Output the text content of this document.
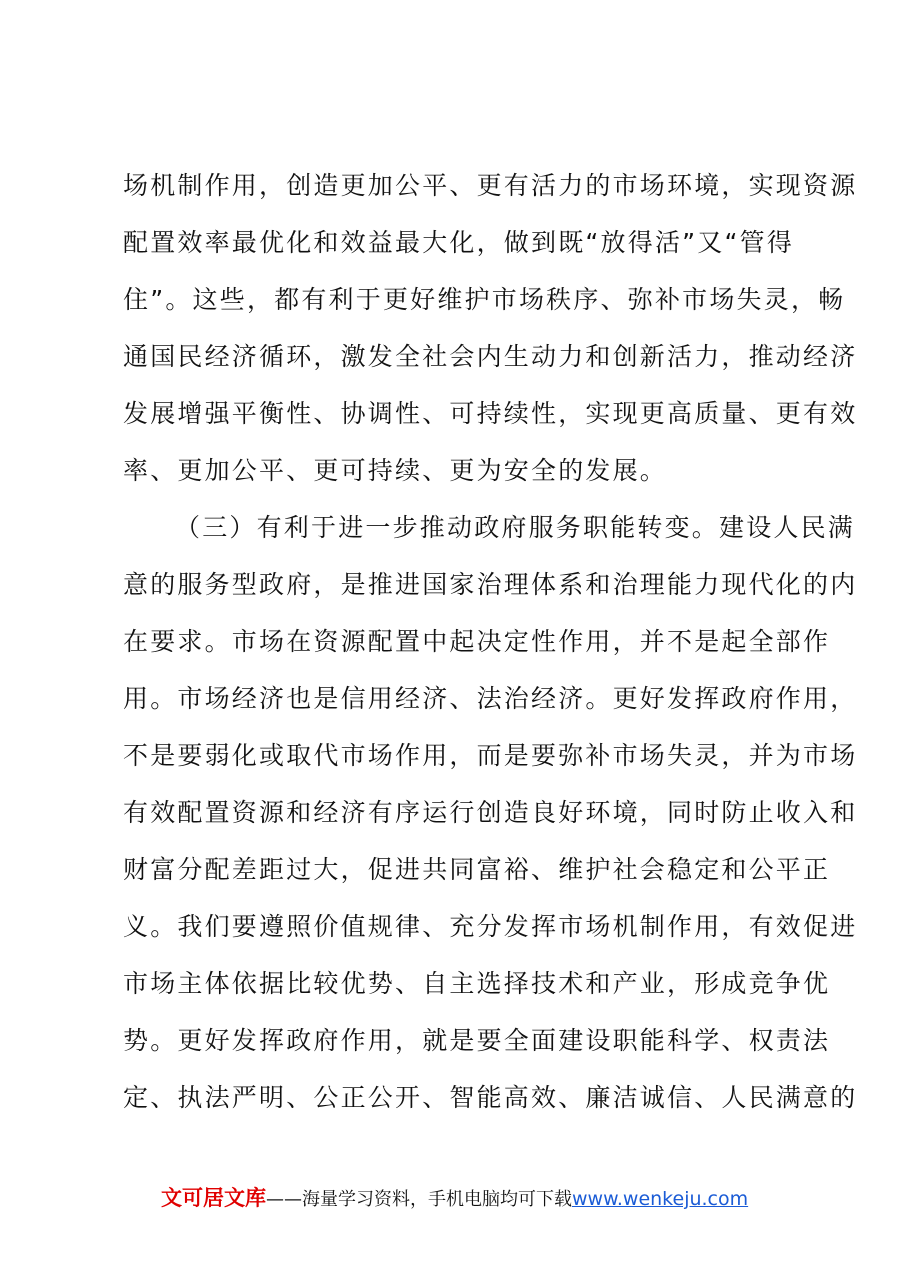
场机制作用，创造更加公平、更有活力的市场环境，实现资源
配置效率最优化和效益最大化，做到既“放得活”又“管得
住”。这些，都有利于更好维护市场秩序、弥补市场失灵，畅
通国民经济循环，激发全社会内生动力和创新活力，推动经济
发展增强平衡性、协调性、可持续性，实现更高质量、更有效
率、更加公平、更可持续、更为安全的发展。
（三）有利于进一步推动政府服务职能转变。建设人民满
意的服务型政府，是推进国家治理体系和治理能力现代化的内
在要求。市场在资源配置中起决定性作用，并不是起全部作
用。市场经济也是信用经济、法治经济。更好发挥政府作用，
不是要弱化或取代市场作用，而是要弥补市场失灵，并为市场
有效配置资源和经济有序运行创造良好环境，同时防止收入和
财富分配差距过大，促进共同富裕、维护社会稳定和公平正
义。我们要遵照价值规律、充分发挥市场机制作用，有效促进
市场主体依据比较优势、自主选择技术和产业，形成竞争优
势。更好发挥政府作用，就是要全面建设职能科学、权责法
定、执法严明、公正公开、智能高效、廉洁诚信、人民满意的
文可居文库——海量学习资料，手机电脑均可下载www.wenkeju.com
